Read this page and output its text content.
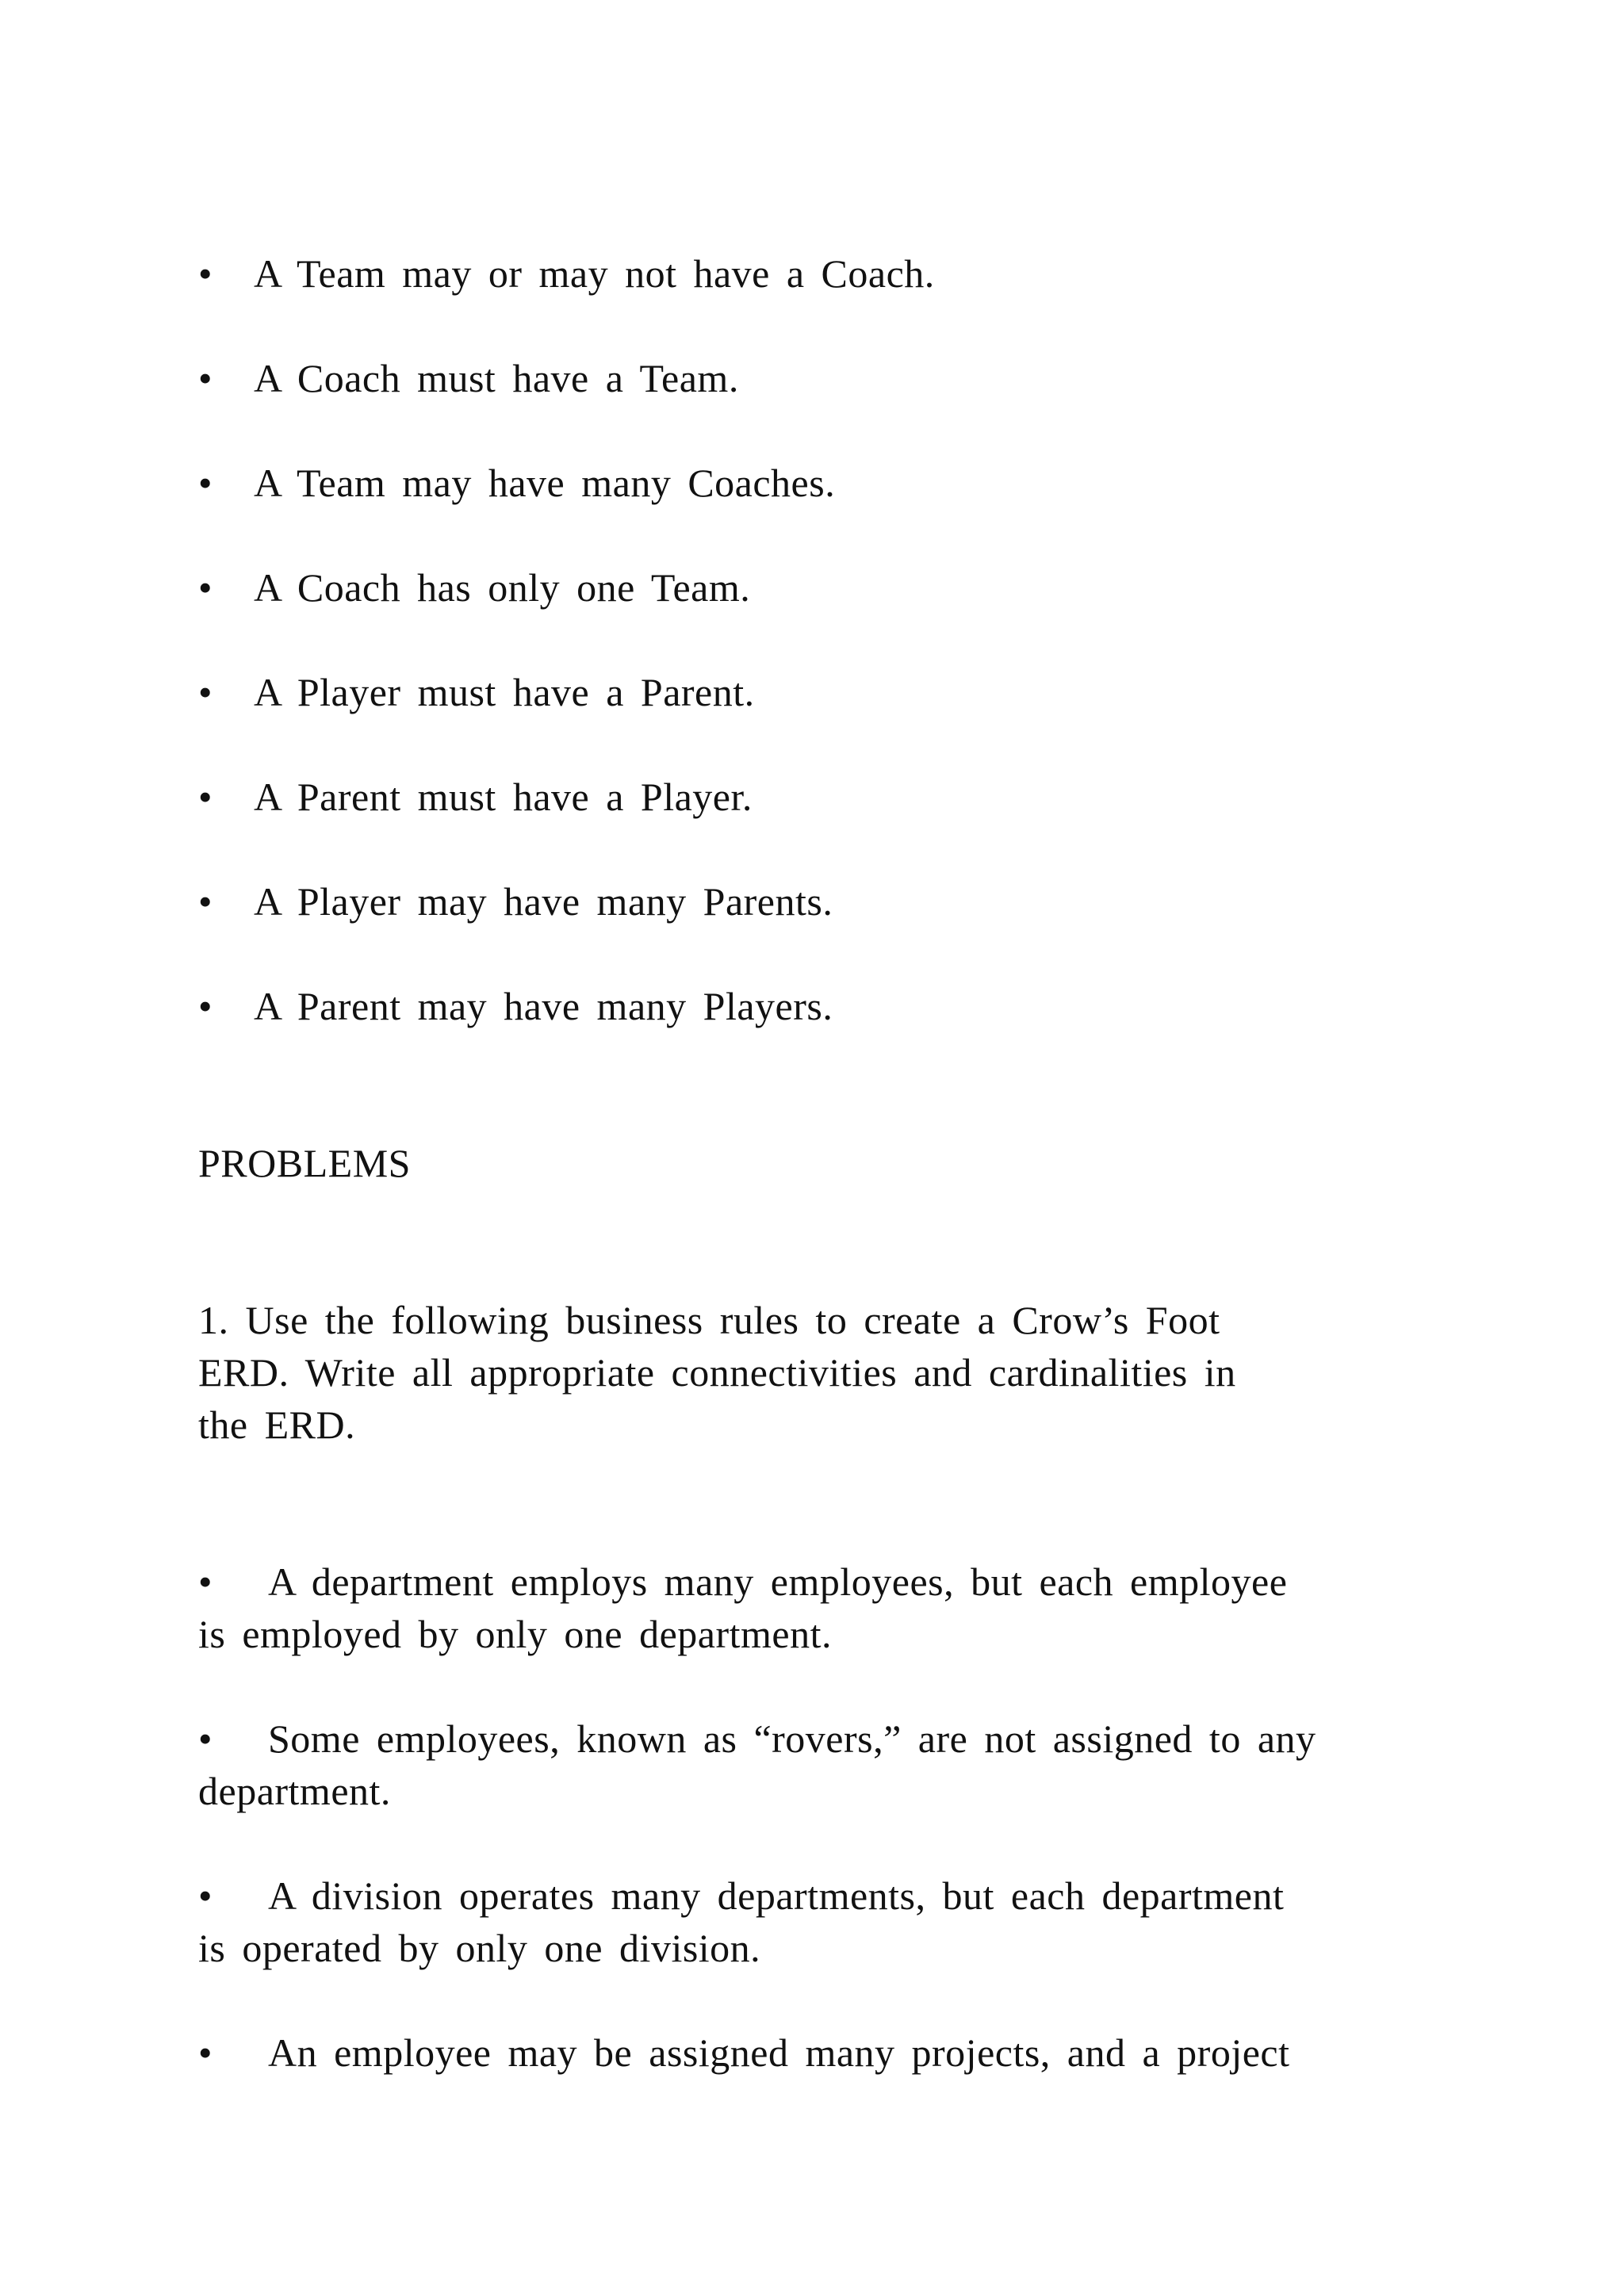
• A Team may or may not have a Coach.
• A Coach must have a Team.
• A Team may have many Coaches.
• A Coach has only one Team.
• A Player must have a Parent.
• A Parent must have a Player.
• A Player may have many Parents.
• A Parent may have many Players.
PROBLEMS
1. Use the following business rules to create a Crow’s Foot
ERD. Write all appropriate connectivities and cardinalities in
the ERD.
• A department employs many employees, but each employee
is employed by only one department.
• Some employees, known as “rovers,” are not assigned to any
department.
• A division operates many departments, but each department
is operated by only one division.
• An employee may be assigned many projects, and a project
